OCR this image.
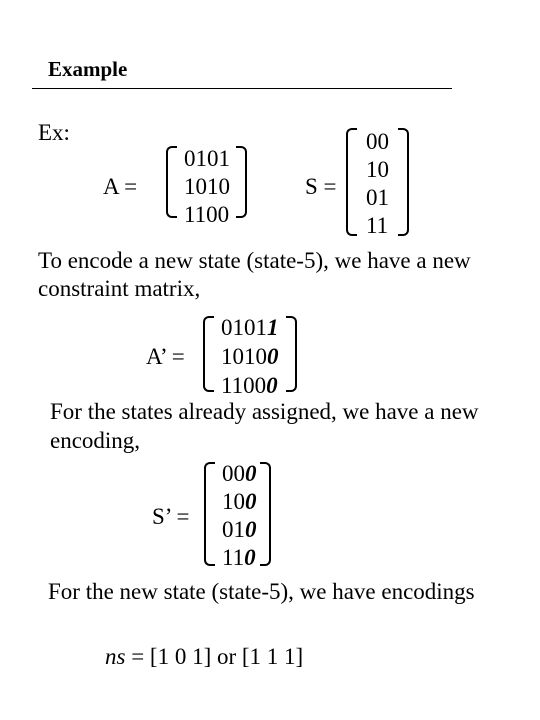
Example
Ex:
A =
0101
1010
1100
S =
00
10
01
11
To encode a new state (state-5), we have a new
constraint matrix,
A’ =
01011
10100
11000
For the states already assigned, we have a new
encoding,
S’ =
000
100
010
110
For the new state (state-5), we have encodings
ns = [1 0 1] or [1 1 1]
